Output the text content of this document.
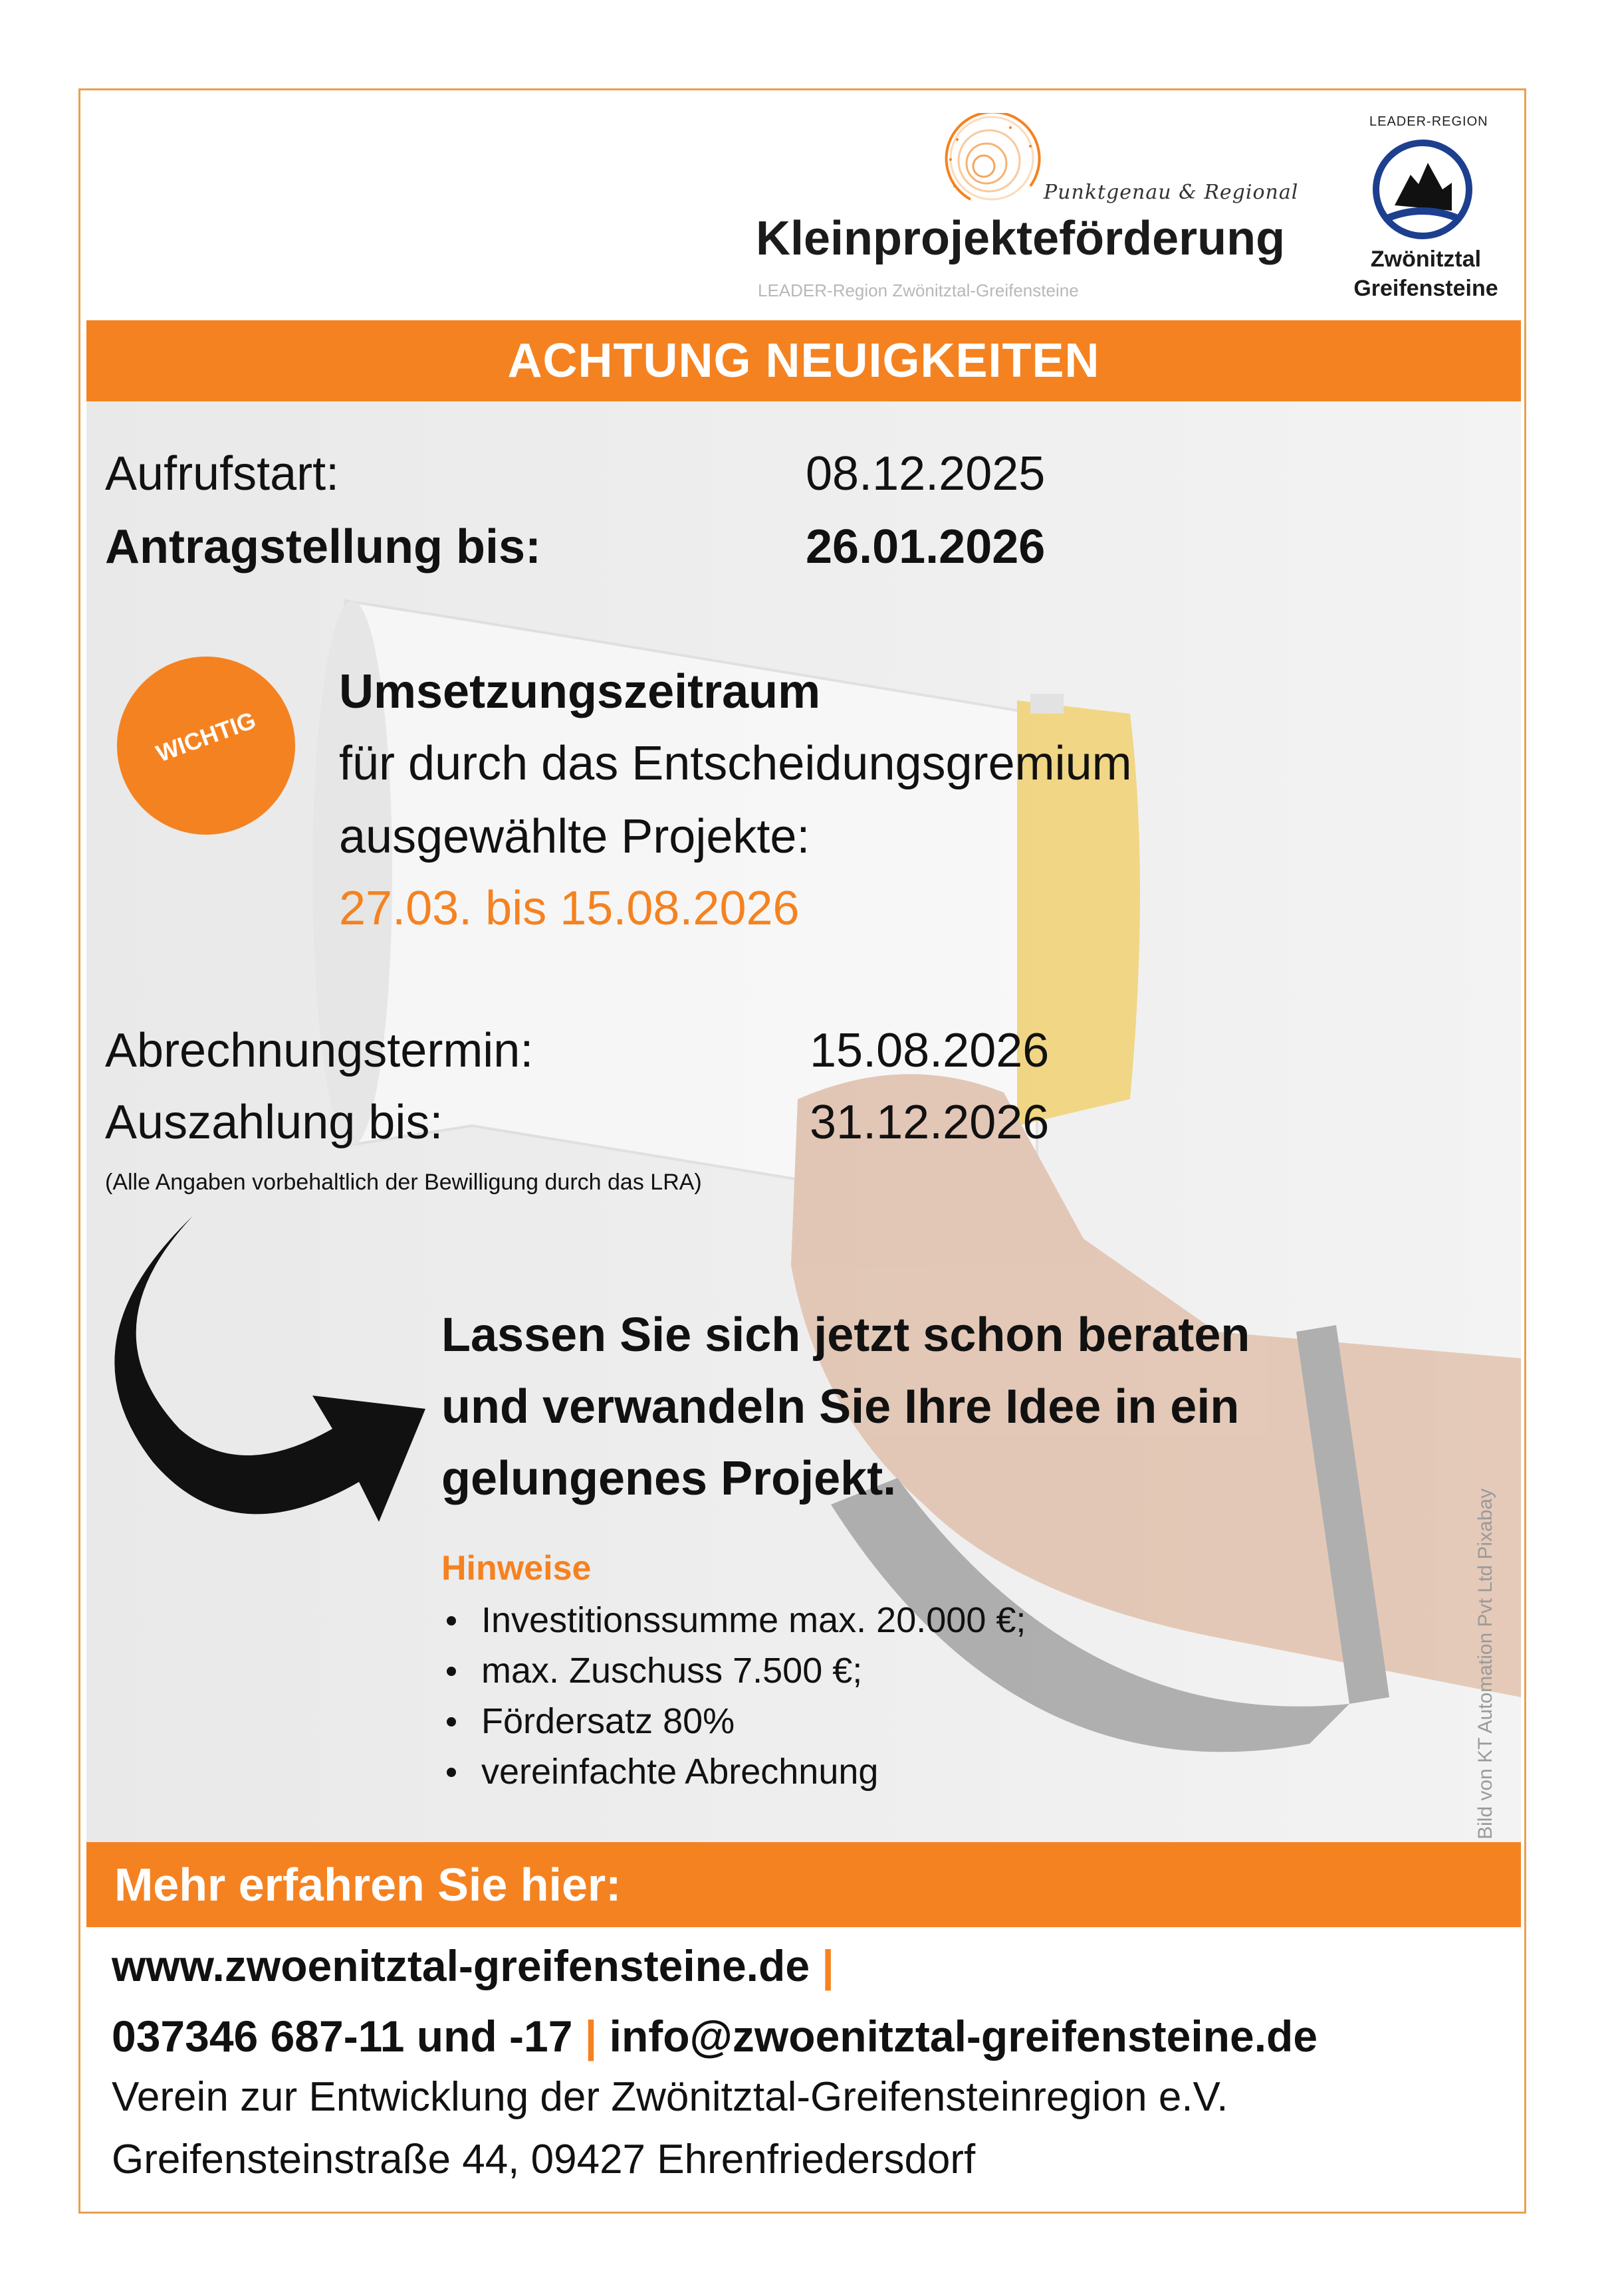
Punktgenau & Regional
Kleinprojekteförderung
LEADER-Region Zwönitztal-Greifensteine
LEADER-REGION
Zwönitztal
Greifensteine
ACHTUNG NEUIGKEITEN
Aufrufstart:	08.12.2025
Antragstellung bis:	26.01.2026
WICHTIG
Umsetzungszeitraum
für durch das Entscheidungsgremium
ausgewählte Projekte:
27.03. bis 15.08.2026
Abrechnungstermin:	15.08.2026
Auszahlung bis:	31.12.2026
(Alle Angaben vorbehaltlich der Bewilligung durch das LRA)
Lassen Sie sich jetzt schon beraten
und verwandeln Sie Ihre Idee in ein
gelungenes Projekt.
Hinweise
Investitionssumme max. 20.000 €;
max. Zuschuss 7.500 €;
Fördersatz 80%
vereinfachte Abrechnung	Bild von KT Automation Pvt Ltd Pixabay
Mehr erfahren Sie hier:
www.zwoenitztal-greifensteine.de |
037346 687-11 und -17 | info@zwoenitztal-greifensteine.de
Verein zur Entwicklung der Zwönitztal-Greifensteinregion e.V.
Greifensteinstraße 44, 09427 Ehrenfriedersdorf
